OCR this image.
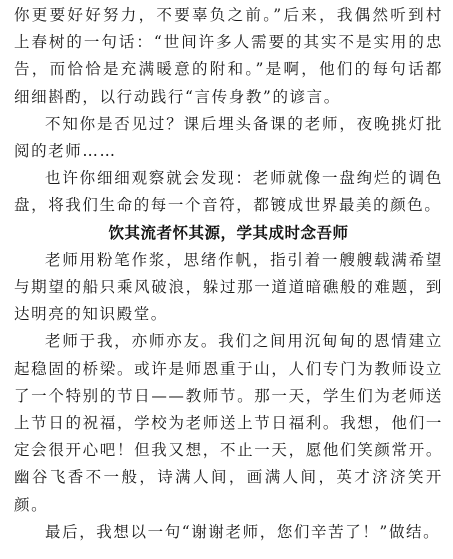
你更要好好努力，不要辜负之前。”后来，我偶然听到村上春树的一句话：“世间许多人需要的其实不是实用的忠告，而恰恰是充满暖意的附和。”是啊，他们的每句话都细细斟酌，以行动践行“言传身教”的谚言。

不知你是否见过？课后埋头备课的老师，夜晚挑灯批阅的老师……

也许你细细观察就会发现：老师就像一盘绚烂的调色盘，将我们生命的每一个音符，都镀成世界最美的颜色。

饮其流者怀其源，学其成时念吾师

老师用粉笔作浆，思绪作帆，指引着一艘艘载满希望与期望的船只乘风破浪，躲过那一道道暗礁般的难题，到达明亮的知识殿堂。

老师于我，亦师亦友。我们之间用沉甸甸的恩情建立起稳固的桥梁。或许是师恩重于山，人们专门为教师设立了一个特别的节日——教师节。那一天，学生们为老师送上节日的祝福，学校为老师送上节日福利。我想，他们一定会很开心吧！但我又想，不止一天，愿他们笑颜常开。幽谷飞香不一般，诗满人间，画满人间，英才济济笑开颜。

最后，我想以一句“谢谢老师，您们辛苦了！”做结。
